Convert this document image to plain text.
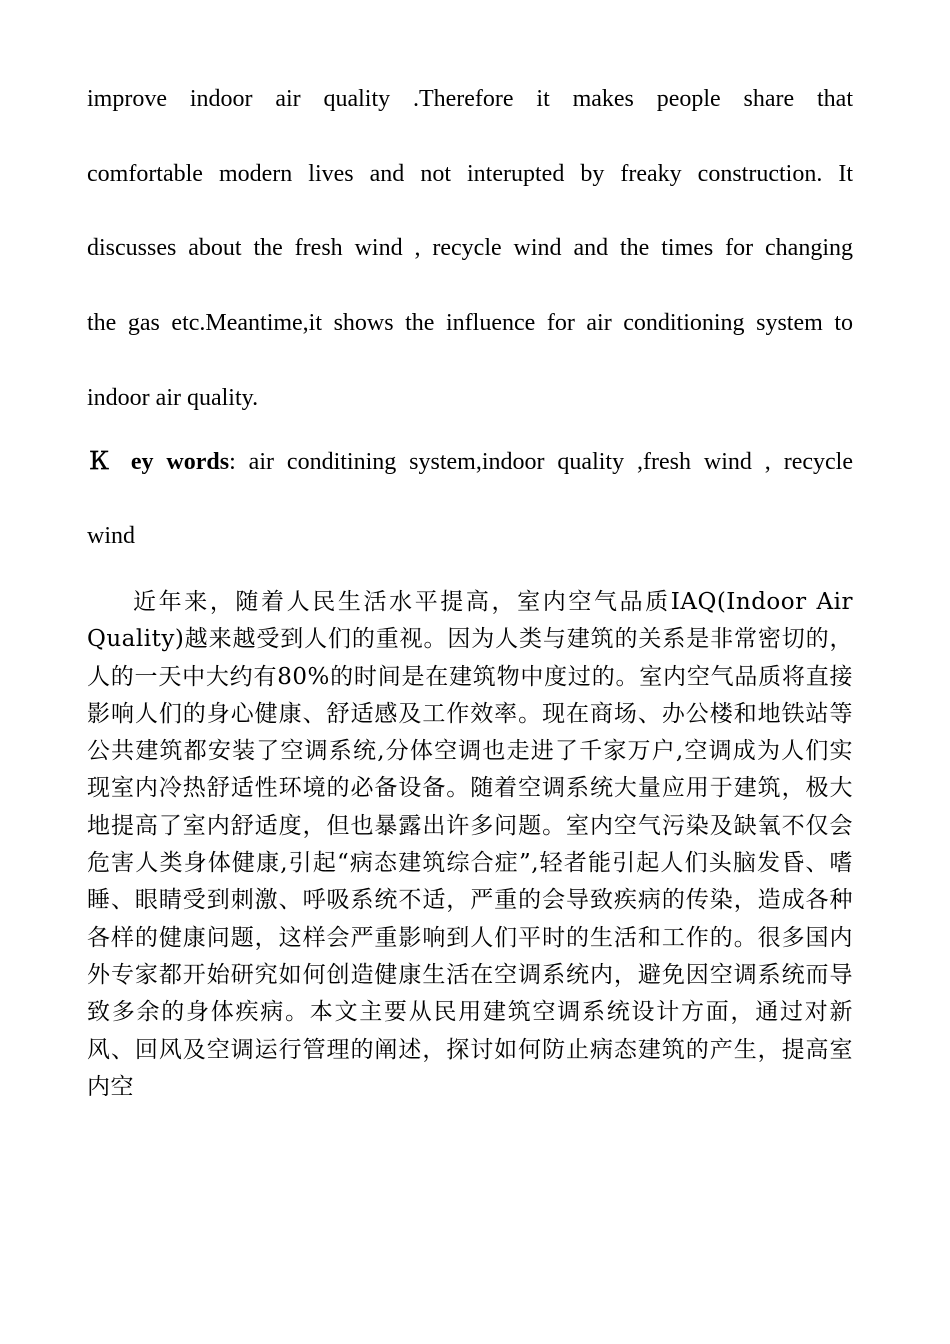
improve indoor air quality .Therefore it makes people share that
comfortable modern lives and not interupted by freaky construction. It
discusses about the fresh wind , recycle wind and the times for changing
the gas etc.Meantime,it shows the influence for air conditioning system to
indoor air quality.
Ｋ ey words: air conditining system,indoor quality ,fresh wind , recycle
wind
近年来，随着人民生活水平提高，室内空气品质IAQ(Indoor Air Quality)越来越受到人们的重视。因为人类与建筑的关系是非常密切的，人的一天中大约有80%的时间是在建筑物中度过的。室内空气品质将直接影响人们的身心健康、舒适感及工作效率。现在商场、办公楼和地铁站等公共建筑都安装了空调系统,分体空调也走进了千家万户,空调成为人们实现室内冷热舒适性环境的必备设备。随着空调系统大量应用于建筑，极大地提高了室内舒适度，但也暴露出许多问题。室内空气污染及缺氧不仅会危害人类身体健康,引起“病态建筑综合症”,轻者能引起人们头脑发昏、嗜睡、眼睛受到刺激、呼吸系统不适，严重的会导致疾病的传染，造成各种各样的健康问题，这样会严重影响到人们平时的生活和工作的。很多国内外专家都开始研究如何创造健康生活在空调系统内，避免因空调系统而导致多余的身体疾病。本文主要从民用建筑空调系统设计方面，通过对新风、回风及空调运行管理的阐述，探讨如何防止病态建筑的产生，提高室内空
